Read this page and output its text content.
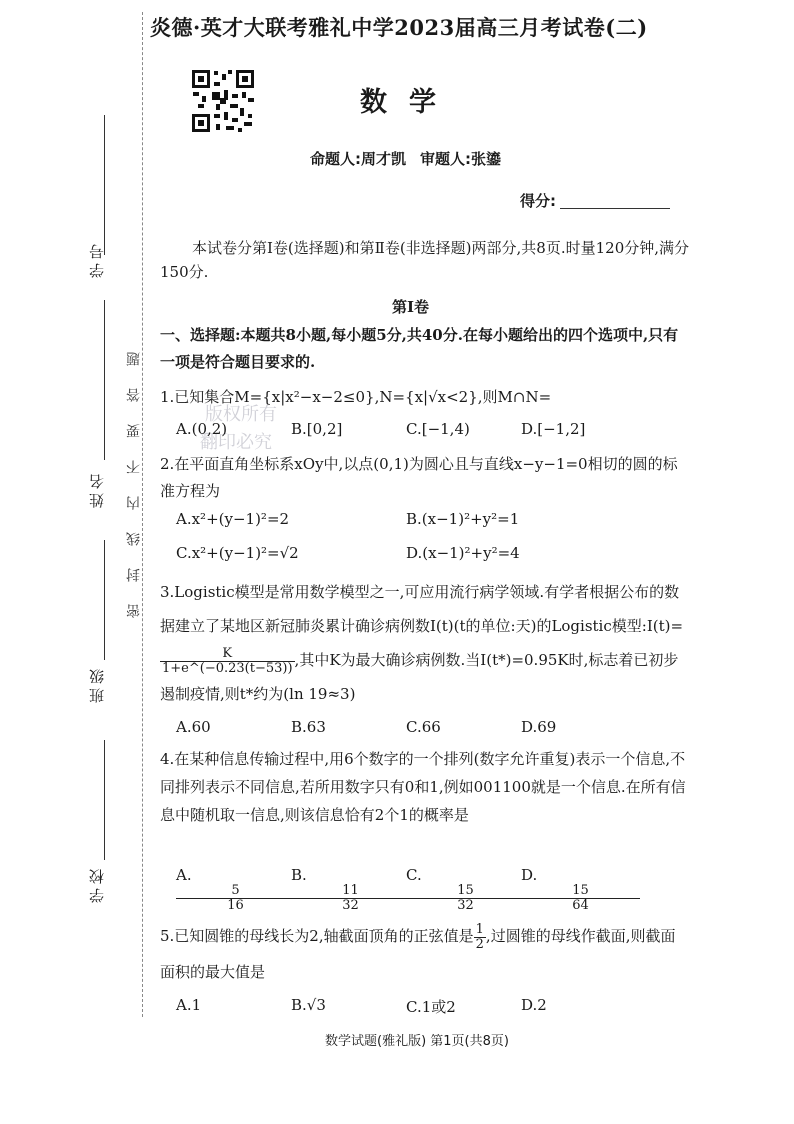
学号
姓名
班级
学校
密封线内不要答题
炎德·英才大联考雅礼中学2023届高三月考试卷(二)
数学
命题人:周才凯 审题人:张鎏
得分:
本试卷分第Ⅰ卷(选择题)和第Ⅱ卷(非选择题)两部分,共8页.时量120分钟,满分150分.
第Ⅰ卷
一、选择题:本题共8小题,每小题5分,共40分.在每小题给出的四个选项中,只有一项是符合题目要求的.
版权所有
翻印必究
1.已知集合M={x|x²−x−2≤0},N={x|√x<2},则M∩N=
A.(0,2)	B.[0,2]	C.[−1,4)	D.[−1,2]
2.在平面直角坐标系xOy中,以点(0,1)为圆心且与直线x−y−1=0相切的圆的标准方程为
A.x²+(y−1)²=2	B.(x−1)²+y²=1
C.x²+(y−1)²=√2	D.(x−1)²+y²=4
3.Logistic模型是常用数学模型之一,可应用流行病学领域.有学者根据公布的数据建立了某地区新冠肺炎累计确诊病例数I(t)(t的单位:天)的Logistic模型:I(t)=
$\frac{K}{1+e\^{}(-0.23(t-53))}$ ,其中K为最大确诊病例数.当I(t*)=0.95K时,标志着已初步遏制疫情,则t*约为(ln 19≈3)
A.60	B.63	C.66	D.69
4.在某种信息传输过程中,用6个数字的一个排列(数字允许重复)表示一个信息,不同排列表示不同信息,若所用数字只有0和1,例如001100就是一个信息.在所有信息中随机取一信息,则该信息恰有2个1的概率是
A.
$\frac{5}{16}$
B.
$\frac{11}{32}$
C.
$\frac{15}{32}$
D.
$\frac{15}{64}$
5.已知圆锥的母线长为2,轴截面顶角的正弦值是 $\frac{1}{2}$ ,过圆锥的母线作截面,则截面面积的最大值是
A.1	B.√3	C.1或2	D.2
数学试题(雅礼版) 第1页(共8页)
